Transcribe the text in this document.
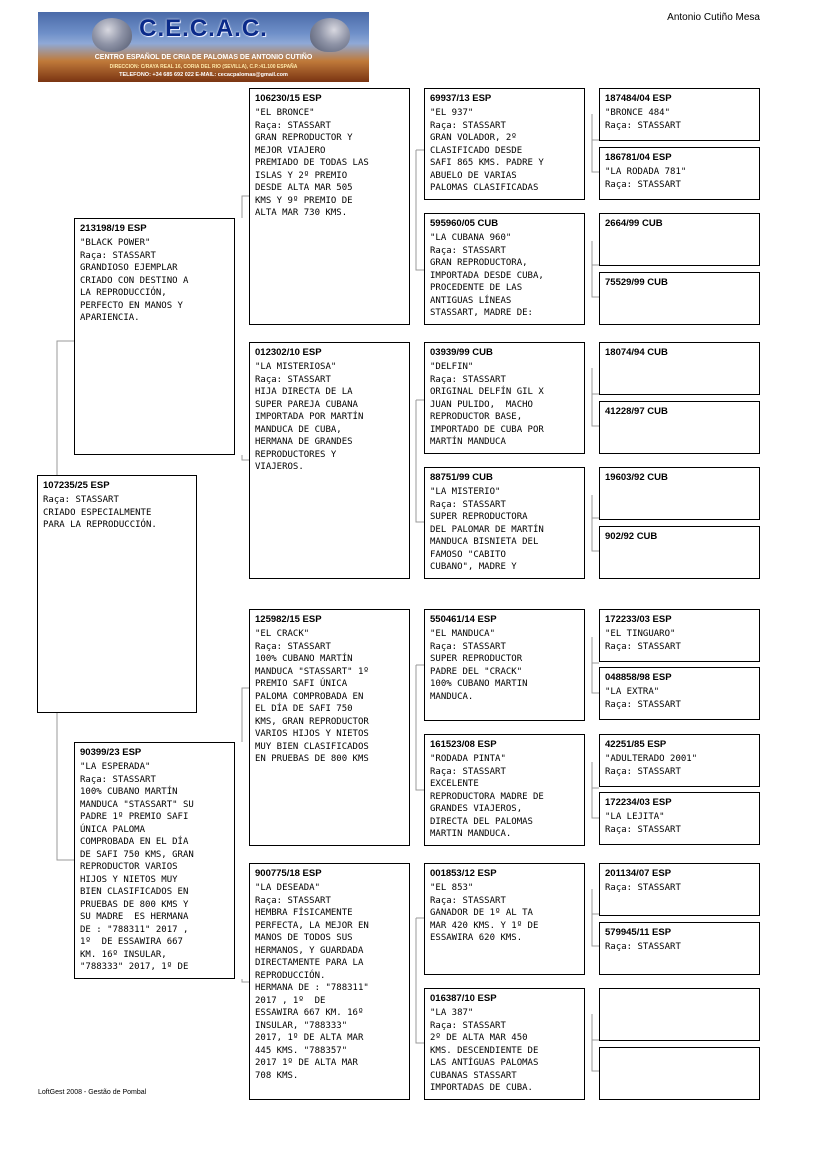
C.E.C.A.C.
CENTRO ESPAÑOL DE CRIA DE PALOMAS DE ANTONIO CUTIÑO
DIRECCION: C/RAYA REAL 16, CORIA DEL RIO (SEVILLA), C.P.:41.100 ESPAÑA
TELEFONO: +34 685 692 022 E-MAIL: cecacpalomas@gmail.com
Antonio Cutiño Mesa
107235/25 ESP
Raça: STASSART
CRIADO ESPECIALMENTE
PARA LA REPRODUCCIÓN.
213198/19 ESP
"BLACK POWER"
Raça: STASSART
GRANDIOSO EJEMPLAR
CRIADO CON DESTINO A
LA REPRODUCCIÓN,
PERFECTO EN MANOS Y
APARIENCIA.
90399/23 ESP
"LA ESPERADA"
Raça: STASSART
100% CUBANO MARTÍN
MANDUCA "STASSART" SU
PADRE 1º PREMIO SAFI
ÚNICA PALOMA
COMPROBADA EN EL DÍA
DE SAFI 750 KMS, GRAN
REPRODUCTOR VARIOS
HIJOS Y NIETOS MUY
BIEN CLASIFICADOS EN
PRUEBAS DE 800 KMS Y
SU MADRE  ES HERMANA
DE : "788311" 2017 ,
1º  DE ESSAWIRA 667
KM. 16º INSULAR,
"788333" 2017, 1º DE
106230/15 ESP
"EL BRONCE"
Raça: STASSART
GRAN REPRODUCTOR Y
MEJOR VIAJERO
PREMIADO DE TODAS LAS
ISLAS Y 2º PREMIO
DESDE ALTA MAR 505
KMS Y 9º PREMIO DE
ALTA MAR 730 KMS.
012302/10 ESP
"LA MISTERIOSA"
Raça: STASSART
HIJA DIRECTA DE LA
SUPER PAREJA CUBANA
IMPORTADA POR MARTÍN
MANDUCA DE CUBA,
HERMANA DE GRANDES
REPRODUCTORES Y
VIAJEROS.
125982/15 ESP
"EL CRACK"
Raça: STASSART
100% CUBANO MARTÍN
MANDUCA "STASSART" 1º
PREMIO SAFI ÚNICA
PALOMA COMPROBADA EN
EL DÍA DE SAFI 750
KMS, GRAN REPRODUCTOR
VARIOS HIJOS Y NIETOS
MUY BIEN CLASIFICADOS
EN PRUEBAS DE 800 KMS
900775/18 ESP
"LA DESEADA"
Raça: STASSART
HEMBRA FÍSICAMENTE
PERFECTA, LA MEJOR EN
MANOS DE TODOS SUS
HERMANOS, Y GUARDADA
DIRECTAMENTE PARA LA
REPRODUCCIÓN.
HERMANA DE : "788311"
2017 , 1º  DE
ESSAWIRA 667 KM. 16º
INSULAR, "788333"
2017, 1º DE ALTA MAR
445 KMS. "788357"
2017 1º DE ALTA MAR
708 KMS.
69937/13 ESP
"EL 937"
Raça: STASSART
GRAN VOLADOR, 2º
CLASIFICADO DESDE
SAFI 865 KMS. PADRE Y
ABUELO DE VARIAS
PALOMAS CLASIFICADAS
595960/05 CUB
"LA CUBANA 960"
Raça: STASSART
GRAN REPRODUCTORA,
IMPORTADA DESDE CUBA,
PROCEDENTE DE LAS
ANTIGUAS LÍNEAS
STASSART, MADRE DE:
03939/99 CUB
"DELFIN"
Raça: STASSART
ORIGINAL DELFÍN GIL X
JUAN PULIDO,  MACHO
REPRODUCTOR BASE,
IMPORTADO DE CUBA POR
MARTÍN MANDUCA
88751/99 CUB
"LA MISTERIO"
Raça: STASSART
SUPER REPRODUCTORA
DEL PALOMAR DE MARTÍN
MANDUCA BISNIETA DEL
FAMOSO "CABITO
CUBANO", MADRE Y
550461/14 ESP
"EL MANDUCA"
Raça: STASSART
SUPER REPRODUCTOR
PADRE DEL "CRACK"
100% CUBANO MARTIN
MANDUCA.
161523/08 ESP
"RODADA PINTA"
Raça: STASSART
EXCELENTE
REPRODUCTORA MADRE DE
GRANDES VIAJEROS,
DIRECTA DEL PALOMAS
MARTIN MANDUCA.
001853/12 ESP
"EL 853"
Raça: STASSART
GANADOR DE 1º AL TA
MAR 420 KMS. Y 1º DE
ESSAWIRA 620 KMS.
016387/10 ESP
"LA 387"
Raça: STASSART
2º DE ALTA MAR 450
KMS. DESCENDIENTE DE
LAS ANTÍGUAS PALOMAS
CUBANAS STASSART
IMPORTADAS DE CUBA.
187484/04 ESP
"BRONCE 484"
Raça: STASSART
186781/04 ESP
"LA RODADA 781"
Raça: STASSART
2664/99 CUB
75529/99 CUB
18074/94 CUB
41228/97 CUB
19603/92 CUB
902/92 CUB
172233/03 ESP
"EL TINGUARO"
Raça: STASSART
048858/98 ESP
"LA EXTRA"
Raça: STASSART
42251/85 ESP
"ADULTERADO 2001"
Raça: STASSART
172234/03 ESP
"LA LEJITA"
Raça: STASSART
201134/07 ESP
Raça: STASSART
579945/11 ESP
Raça: STASSART
LoftGest 2008 - Gestão de Pombal
